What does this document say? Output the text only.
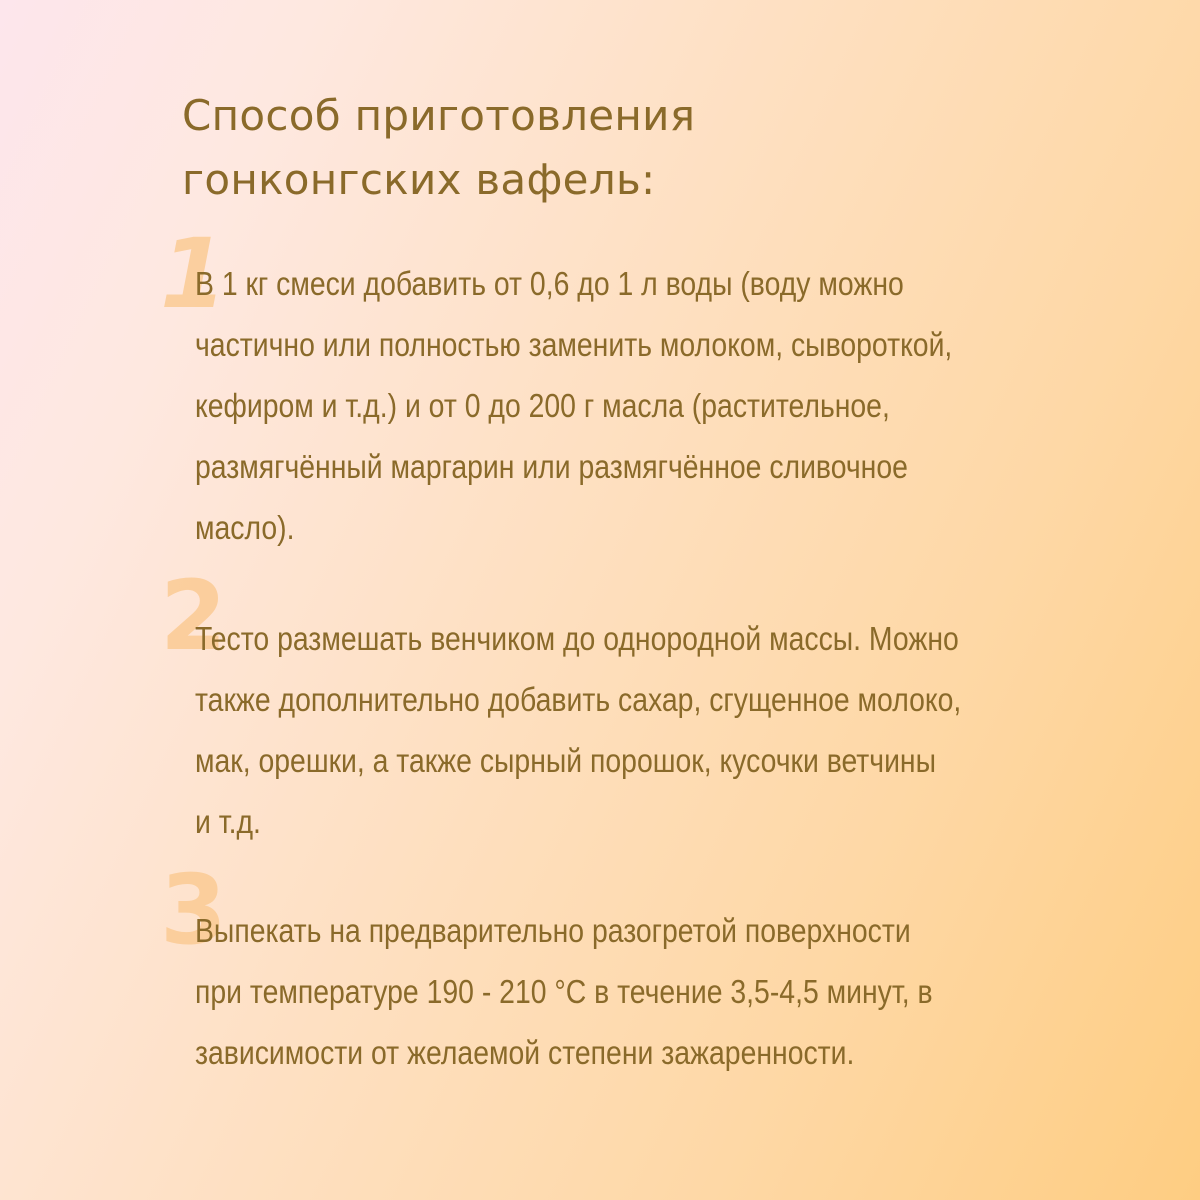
Способ приготовления
гонконгских вафель:
1

В 1 кг смеси добавить от 0,6 до 1 л воды (воду можно
частично или полностью заменить молоком, сывороткой,
кефиром и т.д.) и от 0 до 200 г масла (растительное,
размягчённый маргарин или размягчённое сливочное
масло).

2

Тесто размешать венчиком до однородной массы. Можно
также дополнительно добавить сахар, сгущенное молоко,
мак, орешки, а также сырный порошок, кусочки ветчины
и т.д.

3

Выпекать на предварительно разогретой поверхности
при температуре 190 - 210 °С в течение 3,5-4,5 минут, в
зависимости от желаемой степени зажаренности.
